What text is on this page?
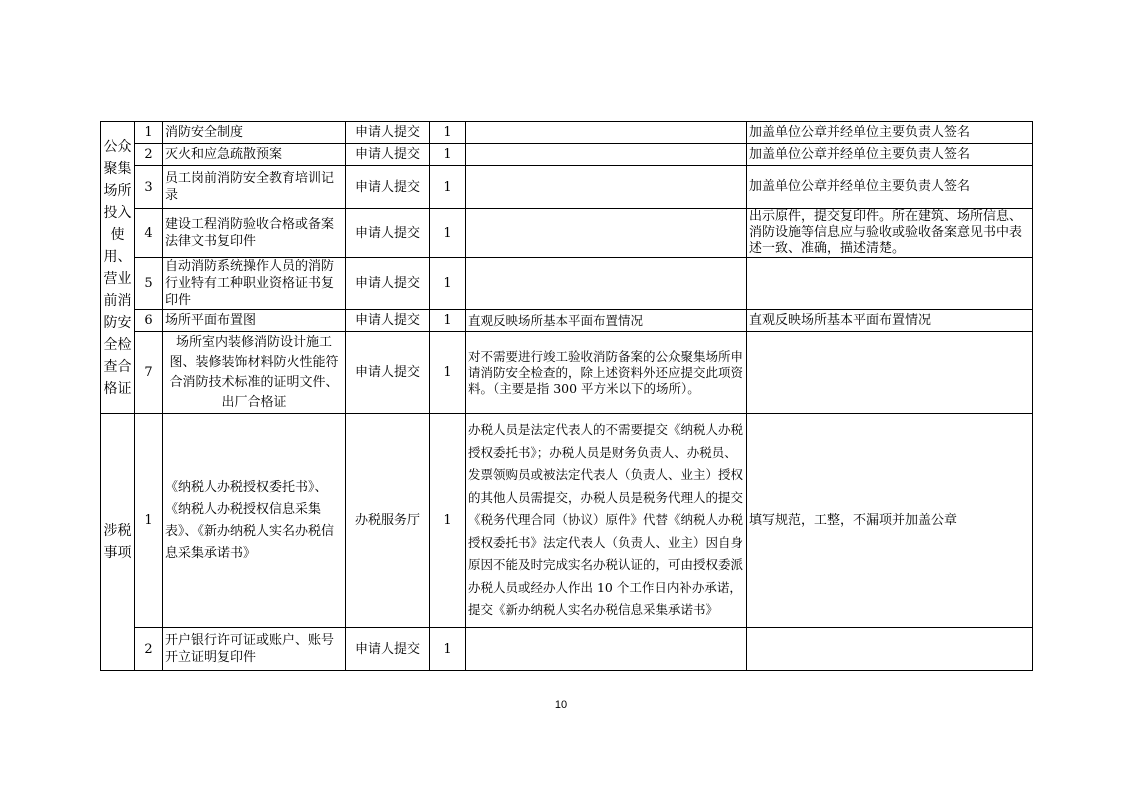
公众聚集场所投入使用、营业前消防安全检查合格证	1	消防安全制度	申请人提交	1		加盖单位公章并经单位主要负责人签名
	2	灭火和应急疏散预案	申请人提交	1		加盖单位公章并经单位主要负责人签名
	3	员工岗前消防安全教育培训记录	申请人提交	1		加盖单位公章并经单位主要负责人签名
	4	建设工程消防验收合格或备案法律文书复印件	申请人提交	1		出示原件，提交复印件。所在建筑、场所信息、消防设施等信息应与验收或验收备案意见书中表述一致、准确，描述清楚。
	5	自动消防系统操作人员的消防行业特有工种职业资格证书复印件	申请人提交	1		
	6	场所平面布置图	申请人提交	1	直观反映场所基本平面布置情况	直观反映场所基本平面布置情况
	7	场所室内装修消防设计施工图、装修装饰材料防火性能符合消防技术标准的证明文件、出厂合格证	申请人提交	1	对不需要进行竣工验收消防备案的公众聚集场所申请消防安全检查的，除上述资料外还应提交此项资料。（主要是指 300 平方米以下的场所）。	
涉税事项	1	《纳税人办税授权委托书》、《纳税人办税授权信息采集表》、《新办纳税人实名办税信息采集承诺书》	办税服务厅	1	办税人员是法定代表人的不需要提交《纳税人办税授权委托书》；办税人员是财务负责人、办税员、发票领购员或被法定代表人（负责人、业主）授权的其他人员需提交，办税人员是税务代理人的提交《税务代理合同（协议）原件》代替《纳税人办税授权委托书》法定代表人（负责人、业主）因自身原因不能及时完成实名办税认证的，可由授权委派办税人员或经办人作出 10 个工作日内补办承诺，提交《新办纳税人实名办税信息采集承诺书》	填写规范，工整，不漏项并加盖公章
	2	开户银行许可证或账户、账号开立证明复印件	申请人提交	1		
10
